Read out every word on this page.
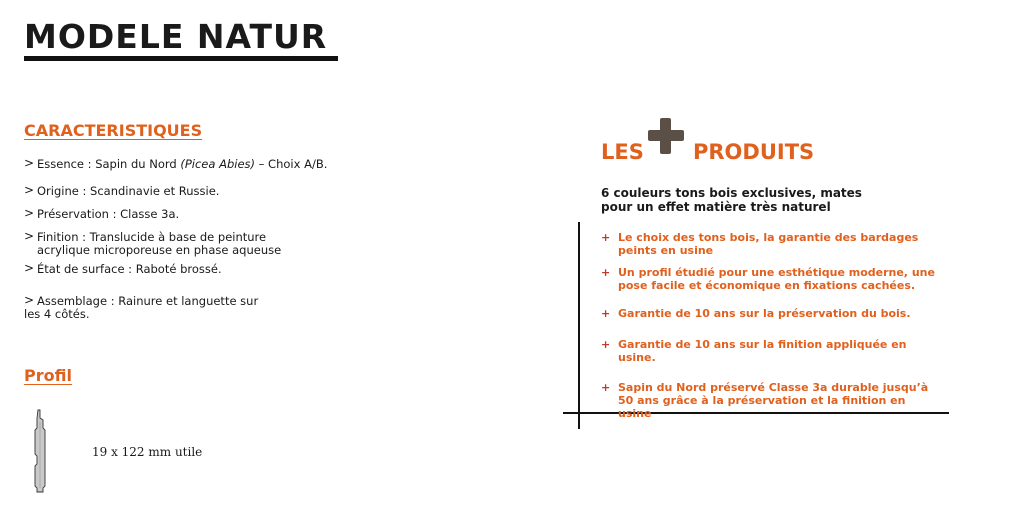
MODELE NATUR
CARACTERISTIQUES
> Essence : Sapin du Nord (Picea Abies) – Choix A/B.
> Origine : Scandinavie et Russie.
> Préservation : Classe 3a.
> Finition : Translucide à base de peinture
acrylique microporeuse en phase aqueuse
> État de surface : Raboté brossé.
> Assemblage : Rainure et languette sur
les 4 côtés.
Profil
19 x 122 mm utile
LES PRODUITS
6 couleurs tons bois exclusives, mates
pour un effet matière très naturel
+ Le choix des tons bois, la garantie des bardages
peints en usine
+ Un profil étudié pour une esthétique moderne, une
pose facile et économique en fixations cachées.
+ Garantie de 10 ans sur la préservation du bois.
+ Garantie de 10 ans sur la finition appliquée en
usine.
+ Sapin du Nord préservé Classe 3a durable jusqu’à
50 ans grâce à la préservation et la finition en usine
